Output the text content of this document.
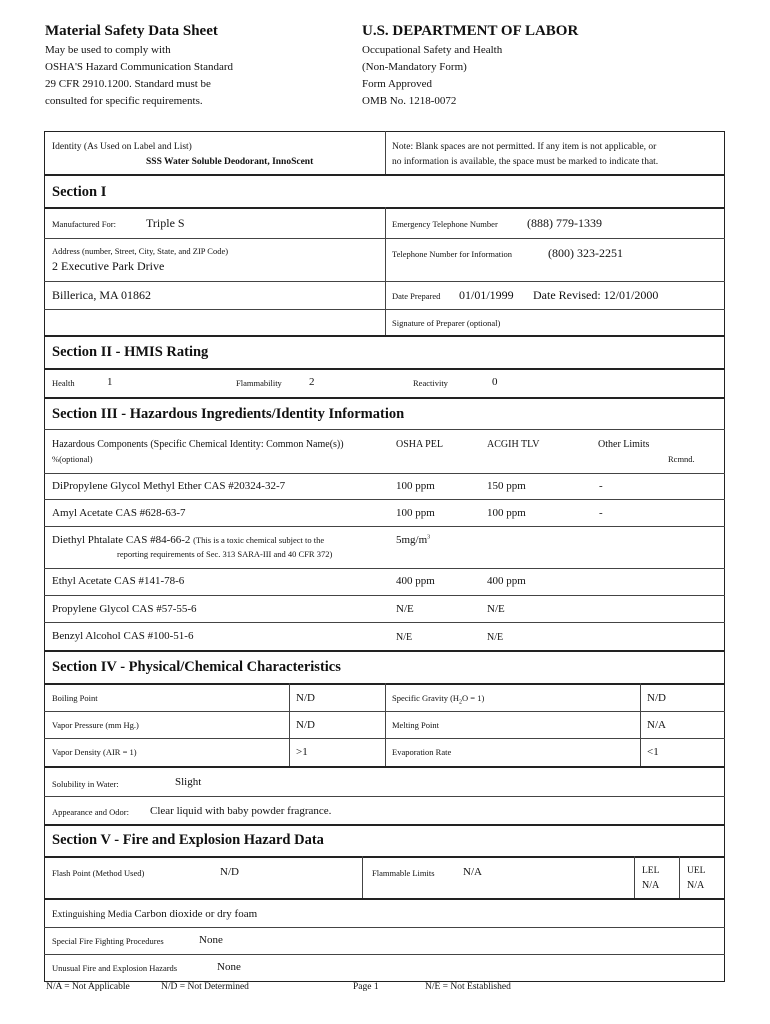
Material Safety Data Sheet
May be used to comply with
OSHA'S Hazard Communication Standard
29 CFR 2910.1200. Standard must be
consulted for specific requirements.
U.S. DEPARTMENT OF LABOR
Occupational Safety and Health
(Non-Mandatory Form)
Form Approved
OMB No. 1218-0072
Identity (As Used on Label and List)
SSS Water Soluble Deodorant, InnoScent
Note: Blank spaces are not permitted. If any item is not applicable, or
no information is available, the space must be marked to indicate that.
Section I
Manufactured For:	Triple S	Emergency Telephone Number (888) 779-1339
Address (number, Street, City, State, and ZIP Code)
2 Executive Park Drive
Telephone Number for Information	(800) 323-2251
Billerica, MA 01862	Date Prepared 01/01/1999 Date Revised: 12/01/2000
Signature of Preparer (optional)
Section II - HMIS Rating
Health	1	Flammability 2	Reactivity	0
Section III - Hazardous Ingredients/Identity Information
Hazardous Components (Specific Chemical Identity: Common Name(s))
%(optional)
OSHA PEL	ACGIH TLV	Other Limits
Rcmnd.
DiPropylene Glycol Methyl Ether CAS #20324-32-7	100 ppm	150 ppm	-
Amyl Acetate CAS #628-63-7	100 ppm	100 ppm	-
Diethyl Phtalate CAS #84-66-2 (This is a toxic chemical subject to the
reporting requirements of Sec. 313 SARA-III and 40 CFR 372)
$5mg/m^3$
Ethyl Acetate CAS #141-78-6	400 ppm	400 ppm
Propylene Glycol CAS #57-55-6	N/E	N/E
Benzyl Alcohol CAS #100-51-6	N/E	N/E
Section IV - Physical/Chemical Characteristics
Boiling Point	N/D	Specific Gravity $(H_2O = 1)$	N/D
Vapor Pressure (mm Hg.)	N/D	Melting Point	N/A
Vapor Density (AIR = 1)	>1	Evaporation Rate	<1
Solubility in Water:	Slight
Appearance and Odor: Clear liquid with baby powder fragrance.
Section V - Fire and Explosion Hazard Data
Flash Point (Method Used)	N/D	Flammable Limits	N/A	LEL
N/A
UEL
N/A
Extinguishing Media Carbon dioxide or dry foam
Special Fire Fighting Procedures	None
Unusual Fire and Explosion Hazards	None
N/A = Not Applicable	N/D = Not Determined	Page 1	N/E = Not Established
